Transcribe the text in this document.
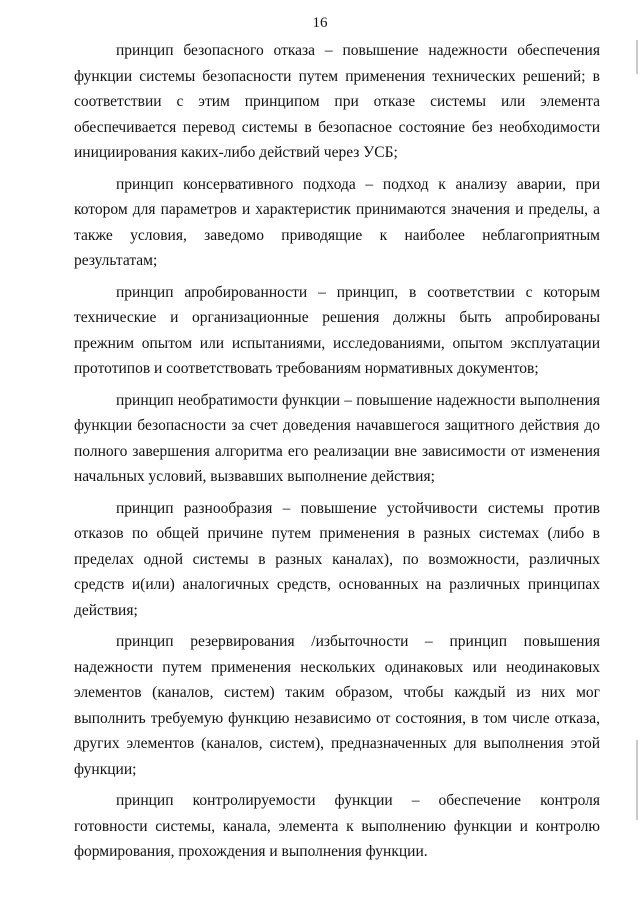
16

принцип безопасного отказа – повышение надежности обеспечения функции системы безопасности путем применения технических решений; в соответствии с этим принципом при отказе системы или элемента обеспечивается перевод системы в безопасное состояние без необходимости инициирования каких-либо действий через УСБ;

принцип консервативного подхода – подход к анализу аварии, при котором для параметров и характеристик принимаются значения и пределы, а также условия, заведомо приводящие к наиболее неблагоприятным результатам;

принцип апробированности – принцип, в соответствии с которым технические и организационные решения должны быть апробированы прежним опытом или испытаниями, исследованиями, опытом эксплуатации прототипов и соответствовать требованиям нормативных документов;

принцип необратимости функции – повышение надежности выполнения функции безопасности за счет доведения начавшегося защитного действия до полного завершения алгоритма его реализации вне зависимости от изменения начальных условий, вызвавших выполнение действия;

принцип разнообразия – повышение устойчивости системы против отказов по общей причине путем применения в разных системах (либо в пределах одной системы в разных каналах), по возможности, различных средств и(или) аналогичных средств, основанных на различных принципах действия;

принцип резервирования /избыточности – принцип повышения надежности путем применения нескольких одинаковых или неодинаковых элементов (каналов, систем) таким образом, чтобы каждый из них мог выполнить требуемую функцию независимо от состояния, в том числе отказа, других элементов (каналов, систем), предназначенных для выполнения этой функции;

принцип контролируемости функции – обеспечение контроля готовности системы, канала, элемента к выполнению функции и контролю формирования, прохождения и выполнения функции.
